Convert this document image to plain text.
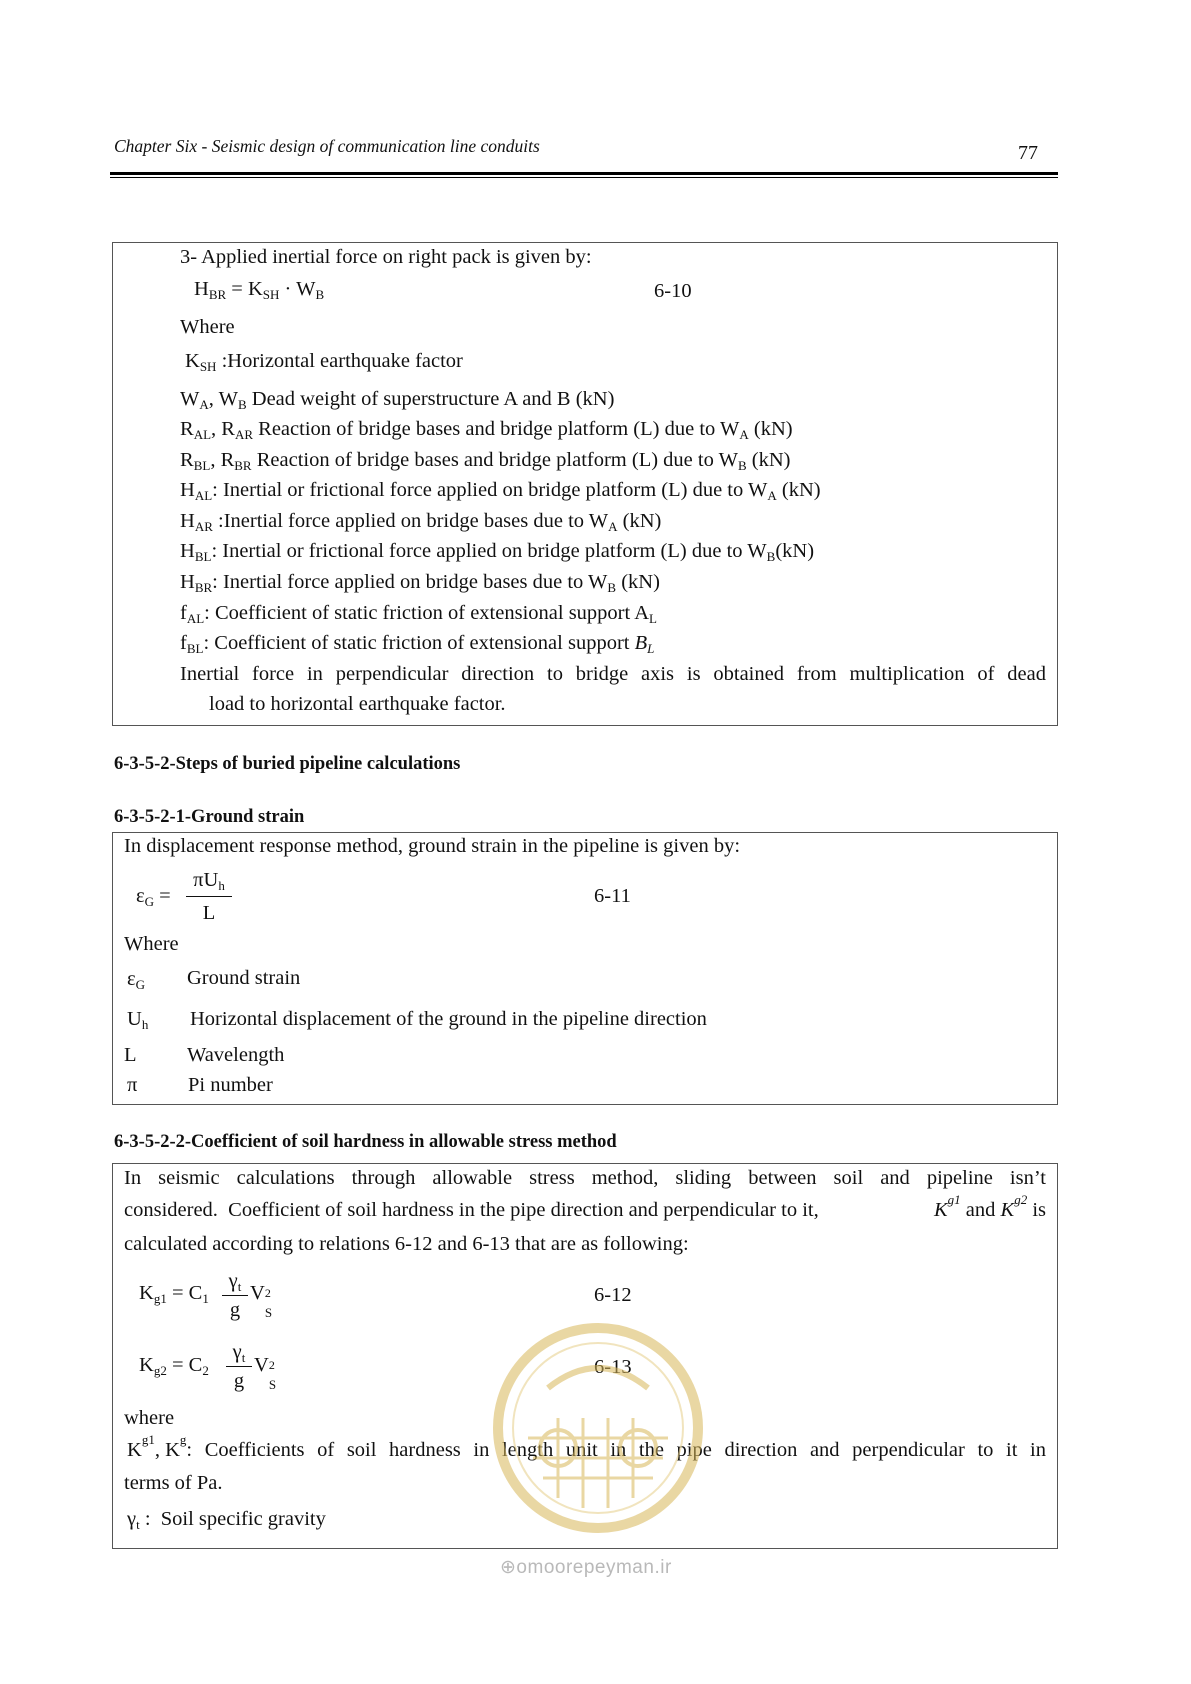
Chapter Six - Seismic design of communication line conduits	77
3- Applied inertial force on right pack is given by:
$H_{BR} = K_{SH} \cdot W_B$	6-10
Where
$K_{SH}$ :Horizontal earthquake factor
$W_A$, $W_B$ Dead weight of superstructure A and B (kN)
$R_{AL}$, $R_{AR}$ Reaction of bridge bases and bridge platform (L) due to $W_A$ (kN)
$R_{BL}$, $R_{BR}$ Reaction of bridge bases and bridge platform (L) due to $W_B$ (kN)
$H_{AL}$: Inertial or frictional force applied on bridge platform (L) due to $W_A$ (kN)
$H_{AR}$ :Inertial force applied on bridge bases due to $W_A$ (kN)
$H_{BL}$: Inertial or frictional force applied on bridge platform (L) due to $W_B(kN)$
$H_{BR}$: Inertial force applied on bridge bases due to $W_B$ (kN)
$f_{AL}$: Coefficient of static friction of extensional support $A_L$
$f_{BL}$: Coefficient of static friction of extensional support $B_L$
Inertial force in perpendicular direction to bridge axis is obtained from multiplication of dead
load to horizontal earthquake factor.
6-3-5-2-Steps of buried pipeline calculations
6-3-5-2-1-Ground strain
In displacement response method, ground strain in the pipeline is given by:
$\varepsilon_G$ =
$\pi U_h$
L
6-11
Where
$\varepsilon_G$ Ground strain
$U_h$ Horizontal displacement of the ground in the pipeline direction
L Wavelength
π Pi number
6-3-5-2-2-Coefficient of soil hardness in allowable stress method
In seismic calculations through allowable stress method, sliding between soil and pipeline isn’t
considered.  Coefficient of soil hardness in the pipe direction and perpendicular to it,	K g1 and K g2 is
calculated according to relations 6-12 and 6-13 that are as following:
$K_{g1} = C_1$
$\gamma_t$
g
V 2
S
6-12
$K_{g2} = C_2$
$\gamma_t$
g
V 2
S
6-13
where
K g1 , K g : Coefficients of soil hardness in length unit in the pipe direction and perpendicular to it in
terms of Pa.
$\gamma_t$ :  Soil specific gravity
⊕omoorepeyman.ir
